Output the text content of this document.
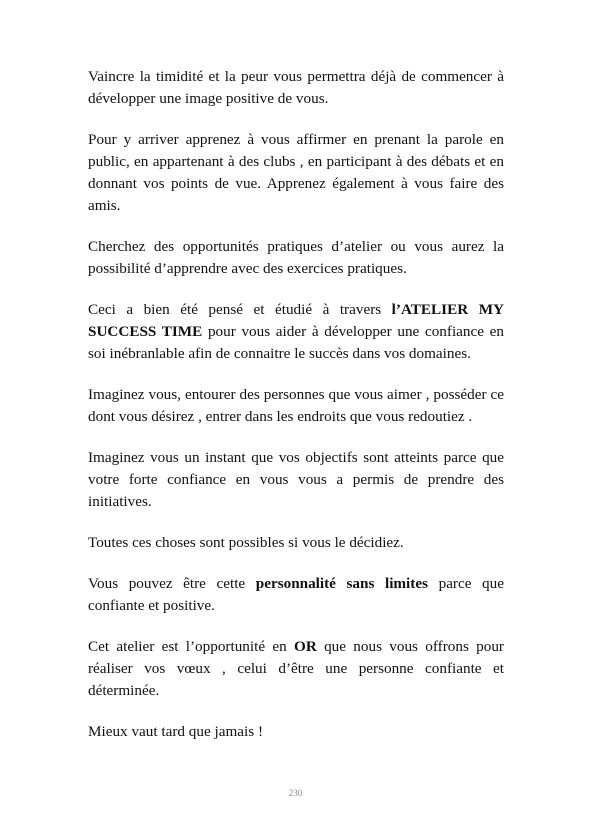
Vaincre la timidité et la peur vous permettra déjà de commencer à développer une image positive de vous.

Pour y arriver apprenez à vous affirmer en prenant la parole en public, en appartenant à des clubs , en participant à des débats et en donnant vos points de vue. Apprenez également à vous faire des amis.

Cherchez des opportunités pratiques d’atelier ou vous aurez la possibilité d’apprendre avec des exercices pratiques.

Ceci a bien été pensé et étudié à travers l’ATELIER MY SUCCESS TIME pour vous aider à développer une confiance en soi inébranlable afin de connaitre le succès dans vos domaines.

Imaginez vous, entourer des personnes que vous aimer , posséder ce dont vous désirez , entrer dans les endroits que vous redoutiez .

Imaginez vous un instant que vos objectifs sont atteints parce que votre forte confiance en vous vous a permis de prendre des initiatives.

Toutes ces choses sont possibles si vous le décidiez.

Vous pouvez être cette personnalité sans limites parce que confiante et positive.

Cet atelier est l’opportunité en OR que nous vous offrons pour réaliser vos vœux , celui d’être une personne confiante et déterminée.

Mieux vaut tard que jamais !

230
